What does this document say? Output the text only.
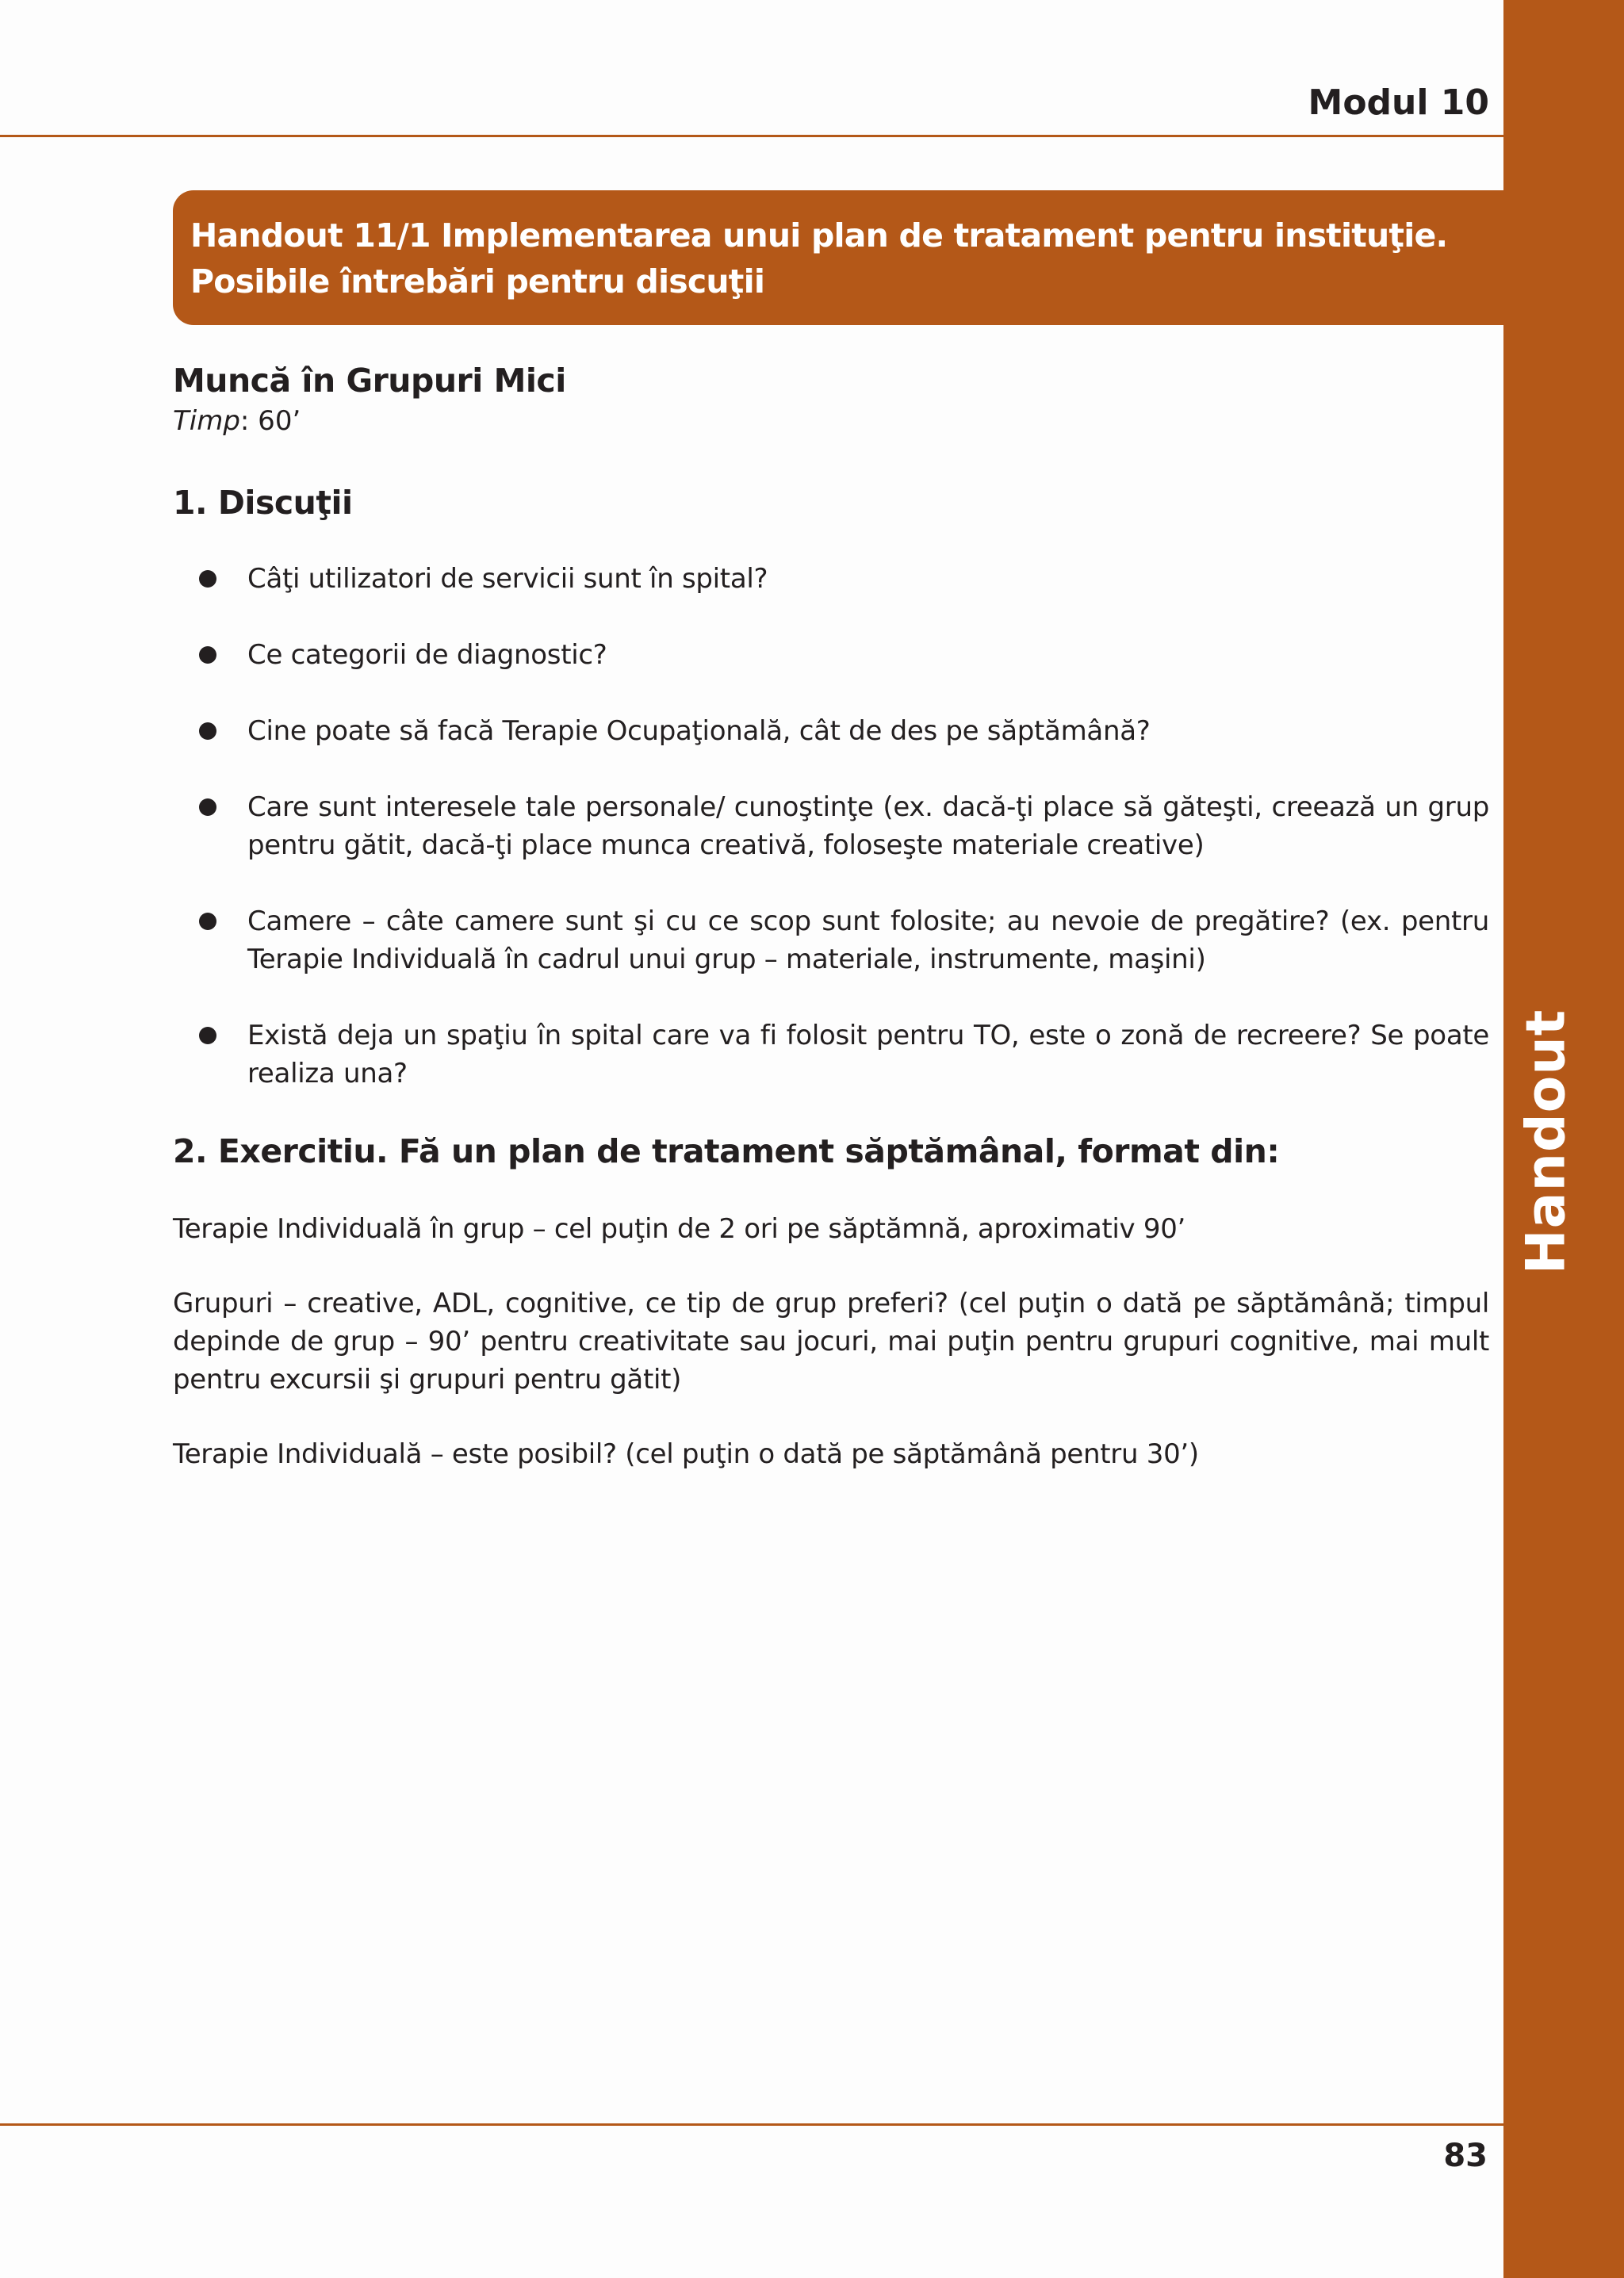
Handout
Modul 10
Handout 11/1 Implementarea unui plan de tratament pentru instituţie. Posibile întrebări pentru discuţii
Muncă în Grupuri Mici
Timp: 60’
1. Discuţii
Câţi utilizatori de servicii sunt în spital?
Ce categorii de diagnostic?
Cine poate să facă Terapie Ocupaţională, cât de des pe săptămână?
Care sunt interesele tale personale/ cunoştinţe (ex. dacă-ţi place să găteşti, creează un grup pentru gătit, dacă-ţi place munca creativă, foloseşte materiale creative)
Camere – câte camere sunt şi cu ce scop sunt folosite; au nevoie de pregătire? (ex. pentru Terapie Individuală în cadrul unui grup – materiale, instrumente, maşini)
Există deja un spaţiu în spital care va fi folosit pentru TO, este o zonă de recreere? Se poate realiza una?
2. Exercitiu. Fă un plan de tratament săptămânal, format din:

Terapie Individuală în grup – cel puţin de 2 ori pe săptămnă, aproximativ 90’

Grupuri – creative, ADL, cognitive, ce tip de grup preferi? (cel puţin o dată pe săptămână; timpul depinde de grup – 90’ pentru creativitate sau jocuri, mai puţin pentru grupuri cognitive, mai mult pentru excursii şi grupuri pentru gătit)

Terapie Individuală – este posibil? (cel puţin o dată pe săptămână pentru 30’)

83
